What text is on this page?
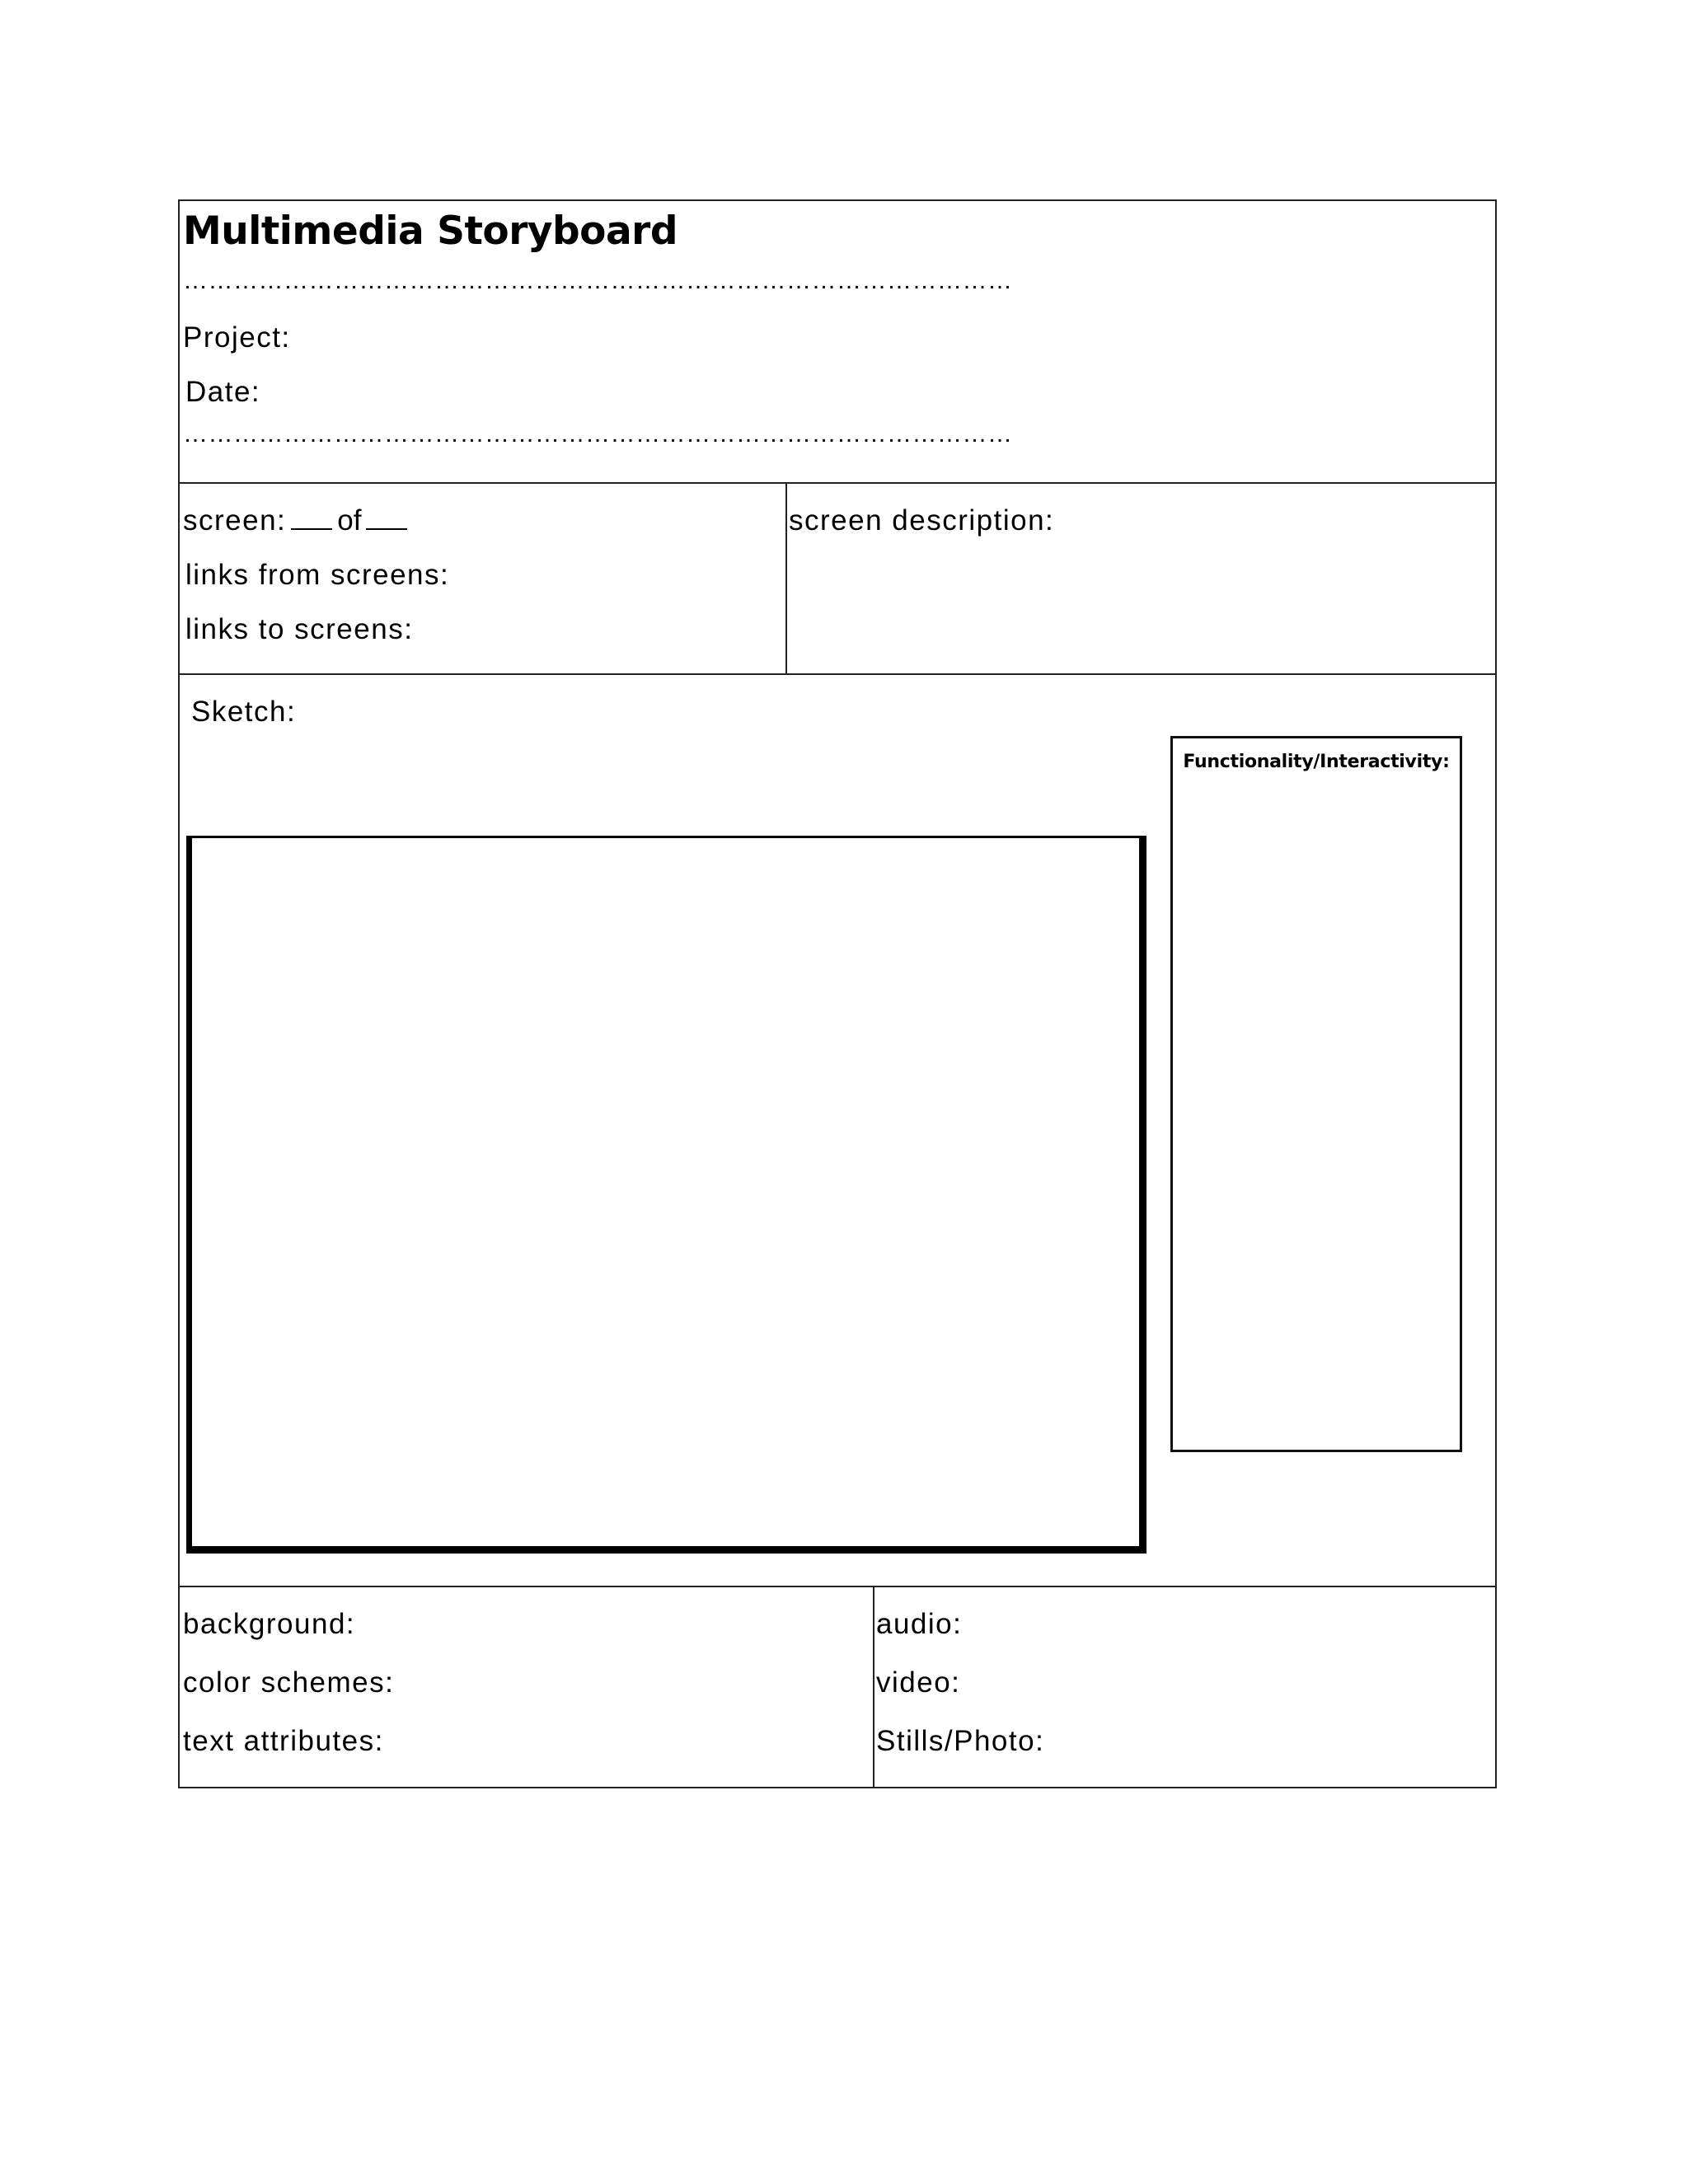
Multimedia Storyboard
………………………………………………………………………………………
Project:
Date:
………………………………………………………………………………………
screen: of
links from screens:
links to screens:
screen description:
Sketch:
Functionality/Interactivity:
background:
color schemes:
text attributes:
audio:
video:
Stills/Photo:
